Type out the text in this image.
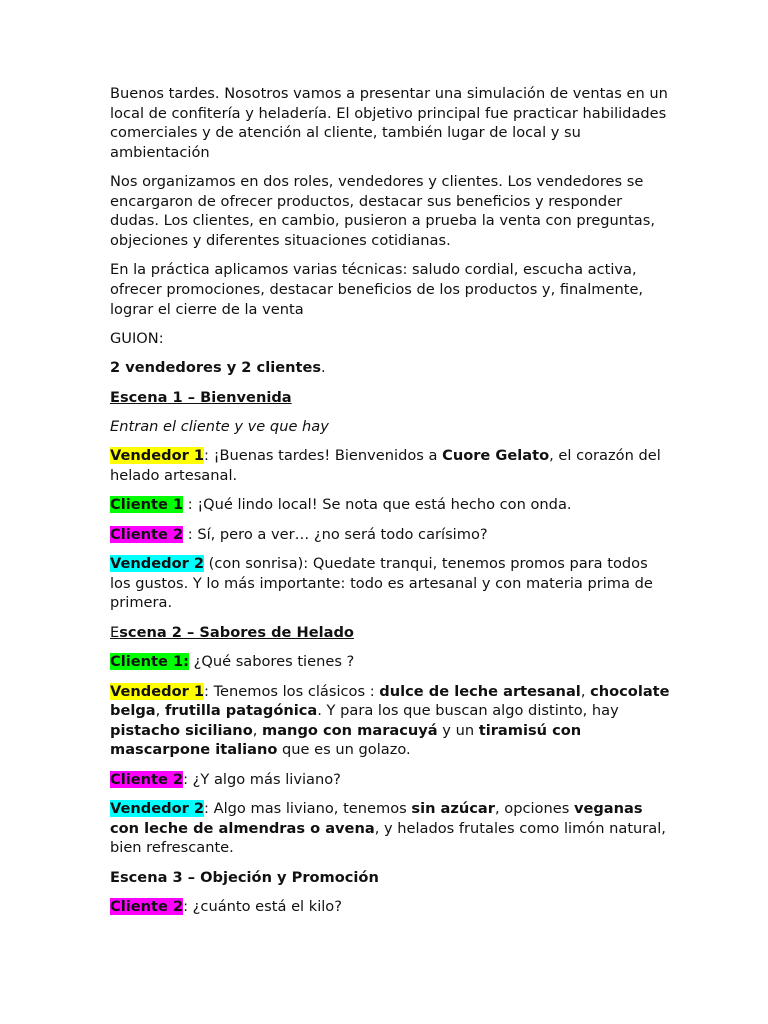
Buenos tardes. Nosotros vamos a presentar una simulación de ventas en un local de confitería y heladería. El objetivo principal fue practicar habilidades comerciales y de atención al cliente, también lugar de local y su ambientación

Nos organizamos en dos roles, vendedores y clientes. Los vendedores se encargaron de ofrecer productos, destacar sus beneficios y responder dudas. Los clientes, en cambio, pusieron a prueba la venta con preguntas, objeciones y diferentes situaciones cotidianas.

En la práctica aplicamos varias técnicas: saludo cordial, escucha activa, ofrecer promociones, destacar beneficios de los productos y, finalmente, lograr el cierre de la venta

GUION:

2 vendedores y 2 clientes.

Escena 1 – Bienvenida

Entran el cliente y ve que hay

Vendedor 1: ¡Buenas tardes! Bienvenidos a Cuore Gelato, el corazón del helado artesanal.

Cliente 1 : ¡Qué lindo local! Se nota que está hecho con onda.

Cliente 2 : Sí, pero a ver… ¿no será todo carísimo?

Vendedor 2 (con sonrisa): Quedate tranqui, tenemos promos para todos los gustos. Y lo más importante: todo es artesanal y con materia prima de primera.

Escena 2 – Sabores de Helado

Cliente 1: ¿Qué sabores tienes ?

Vendedor 1: Tenemos los clásicos : dulce de leche artesanal, chocolate belga, frutilla patagónica. Y para los que buscan algo distinto, hay pistacho siciliano, mango con maracuyá y un tiramisú con mascarpone italiano que es un golazo.

Cliente 2: ¿Y algo más liviano?

Vendedor 2: Algo mas liviano, tenemos sin azúcar, opciones veganas con leche de almendras o avena, y helados frutales como limón natural, bien refrescante.

Escena 3 – Objeción y Promoción

Cliente 2: ¿cuánto está el kilo?
